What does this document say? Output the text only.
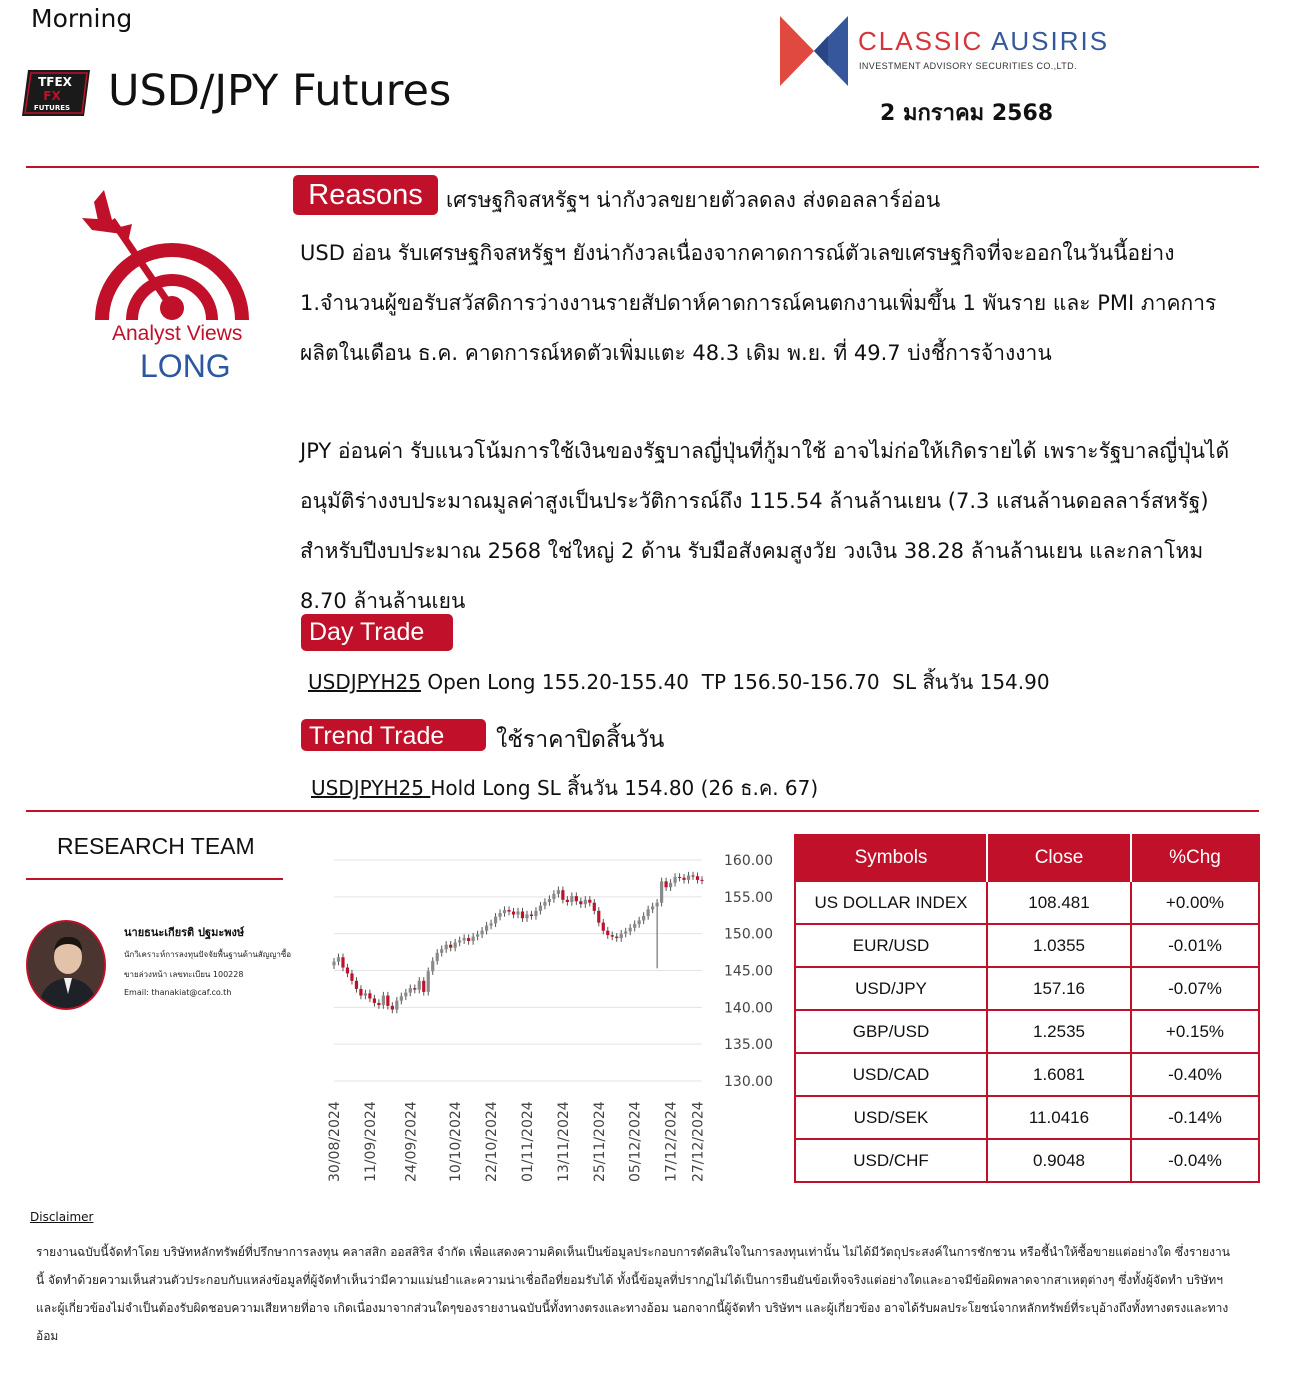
Morning
TFEX
FX
FUTURES USD/JPY Futures
CLASSIC AUSIRIS
INVESTMENT ADVISORY SECURITIES CO.,LTD.
2 มกราคม 2568
Analyst Views
LONG
Reasons	เศรษฐกิจสหรัฐฯ น่ากังวลขยายตัวลดลง ส่งดอลลาร์อ่อน
USD อ่อน รับเศรษฐกิจสหรัฐฯ ยังน่ากังวลเนื่องจากคาดการณ์ตัวเลขเศรษฐกิจที่จะออกในวันนี้อย่าง 1.จำนวนผู้ขอรับสวัสดิการว่างงานรายสัปดาห์คาดการณ์คนตกงานเพิ่มขึ้น 1 พันราย และ PMI ภาคการผลิตในเดือน ธ.ค. คาดการณ์หดตัวเพิ่มแตะ 48.3 เดิม พ.ย. ที่ 49.7 บ่งชี้การจ้างงาน
JPY อ่อนค่า รับแนวโน้มการใช้เงินของรัฐบาลญี่ปุ่นที่กู้มาใช้ อาจไม่ก่อให้เกิดรายได้ เพราะรัฐบาลญี่ปุ่นได้อนุมัติร่างงบประมาณมูลค่าสูงเป็นประวัติการณ์ถึง 115.54 ล้านล้านเยน (7.3 แสนล้านดอลลาร์สหรัฐ) สำหรับปีงบประมาณ 2568 ใช่ใหญ่ 2 ด้าน รับมือสังคมสูงวัย วงเงิน 38.28 ล้านล้านเยน และกลาโหม 8.70 ล้านล้านเยน
Day Trade
USDJPYH25 Open Long 155.20-155.40  TP 156.50-156.70  SL สิ้นวัน 154.90
Trend Trade	ใช้ราคาปิดสิ้นวัน
USDJPYH25 Hold Long SL สิ้นวัน 154.80 (26 ธ.ค. 67)
RESEARCH TEAM
นายธนะเกียรติ ปฐมะพงษ์
นักวิเคราะห์การลงทุนปัจจัยพื้นฐานด้านสัญญาซื้อ
ขายล่วงหน้า เลขทะเบียน 100228
Email: thanakiat@caf.co.th
160.00
155.00
150.00
145.00
140.00
135.00
130.00
30/08/2024 11/09/2024 24/09/2024 10/10/2024 22/10/2024 01/11/2024 13/11/2024 25/11/2024 05/12/2024 17/12/2024 27/12/2024
Symbols	Close	%Chg
US DOLLAR INDEX	108.481	+0.00%
EUR/USD	1.0355	-0.01%
USD/JPY	157.16	-0.07%
GBP/USD	1.2535	+0.15%
USD/CAD	1.6081	-0.40%
USD/SEK	11.0416	-0.14%
USD/CHF	0.9048	-0.04%
Disclaimer
รายงานฉบับนี้จัดทำโดย บริษัทหลักทรัพย์ที่ปรึกษาการลงทุน คลาสสิก ออสสิริส จำกัด เพื่อแสดงความคิดเห็นเป็นข้อมูลประกอบการตัดสินใจในการลงทุนเท่านั้น ไม่ได้มีวัตถุประสงค์ในการชักชวน หรือชี้นำให้ซื้อขายแต่อย่างใด ซึ่งรายงานนี้ จัดทำด้วยความเห็นส่วนตัวประกอบกับแหล่งข้อมูลที่ผู้จัดทำเห็นว่ามีความแม่นยำและความน่าเชื่อถือที่ยอมรับได้ ทั้งนี้ข้อมูลที่ปรากฏไม่ได้เป็นการยืนยันข้อเท็จจริงแต่อย่างใดและอาจมีข้อผิดพลาดจากสาเหตุต่างๆ ซึ่งทั้งผู้จัดทำ บริษัทฯ และผู้เกี่ยวข้องไม่จำเป็นต้องรับผิดชอบความเสียหายที่อาจ เกิดเนื่องมาจากส่วนใดๆของรายงานฉบับนี้ทั้งทางตรงและทางอ้อม นอกจากนี้ผู้จัดทำ บริษัทฯ และผู้เกี่ยวข้อง อาจได้รับผลประโยชน์จากหลักทรัพย์ที่ระบุอ้างถึงทั้งทางตรงและทางอ้อม
